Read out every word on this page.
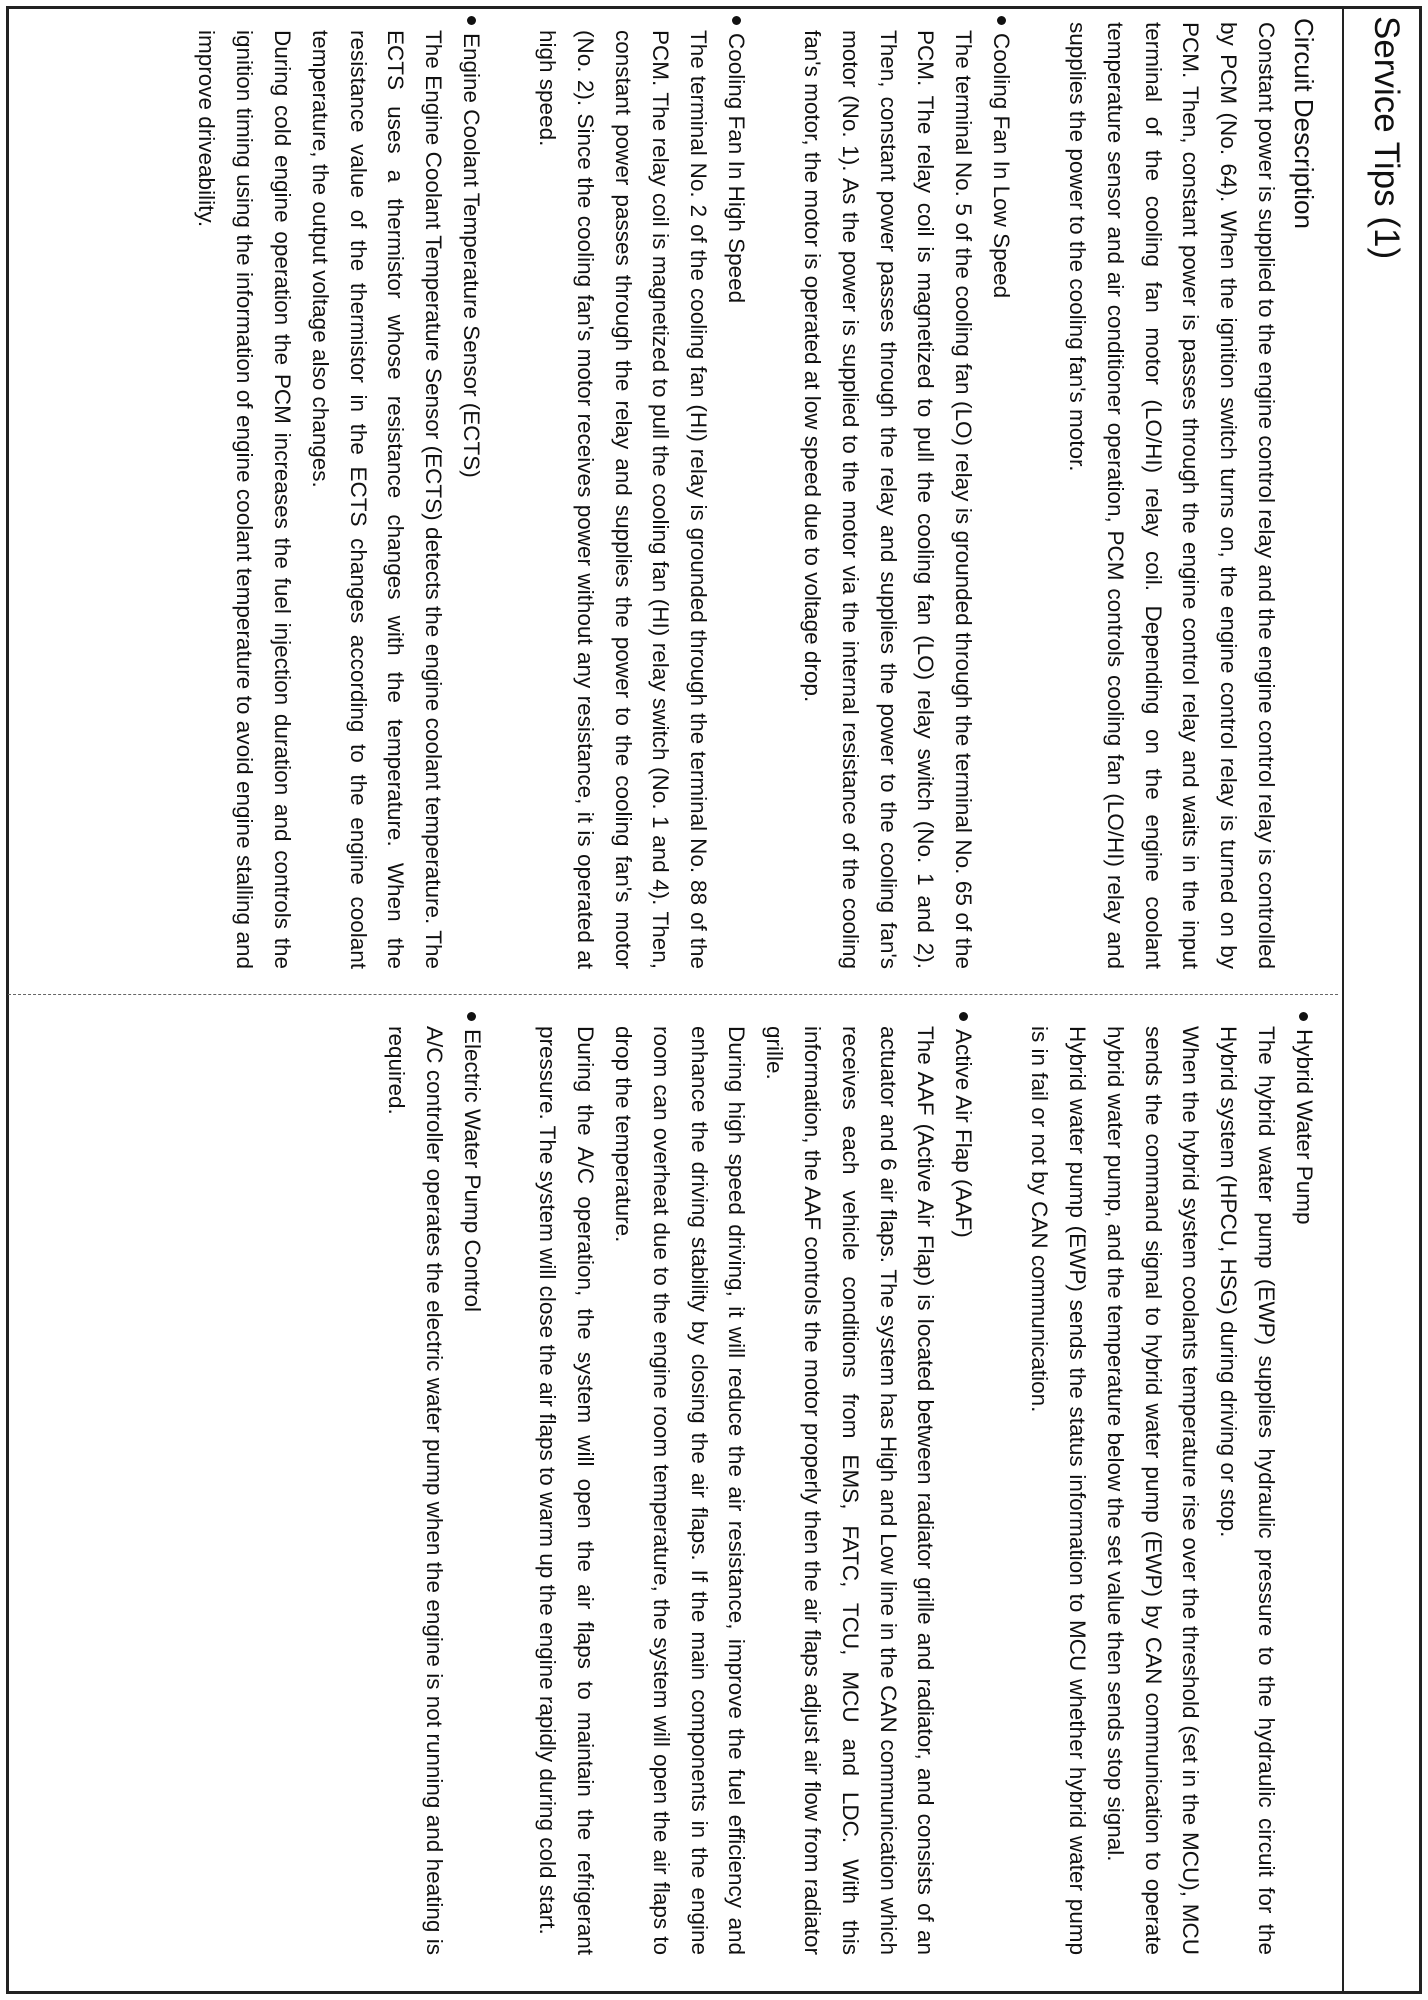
Service Tips (1)
Circuit Description
Constant power is supplied to the engine control relay and the engine control relay is controlled by PCM (No. 64). When the ignition switch turns on, the engine control relay is turned on by PCM. Then, constant power is passes through the engine control relay and waits in the input terminal of the cooling fan motor (LO/HI) relay coil. Depending on the engine coolant temperature sensor and air conditioner operation, PCM controls cooling fan (LO/HI) relay and supplies the power to the cooling fan's motor.
Cooling Fan In Low Speed
The terminal No. 5 of the cooling fan (LO) relay is grounded through the terminal No. 65 of the PCM. The relay coil is magnetized to pull the cooling fan (LO) relay switch (No. 1 and 2). Then, constant power passes through the relay and supplies the power to the cooling fan's motor (No. 1). As the power is supplied to the motor via the internal resistance of the cooling fan's motor, the motor is operated at low speed due to voltage drop.
Cooling Fan In High Speed
The terminal No. 2 of the cooling fan (HI) relay is grounded through the terminal No. 88 of the PCM. The relay coil is magnetized to pull the cooling fan (HI) relay switch (No. 1 and 4). Then, constant power passes through the relay and supplies the power to the cooling fan's motor (No. 2). Since the cooling fan's motor receives power without any resistance, it is operated at high speed.
Engine Coolant Temperature Sensor (ECTS)

The Engine Coolant Temperature Sensor (ECTS) detects the engine coolant temperature. The ECTS uses a thermistor whose resistance changes with the temperature. When the resistance value of the thermistor in the ECTS changes according to the engine coolant temperature, the output voltage also changes.

During cold engine operation the PCM increases the fuel injection duration and controls the ignition timing using the information of engine coolant temperature to avoid engine stalling and improve driveability.

Hybrid Water Pump

The hybrid water pump (EWP) supplies hydraulic pressure to the hydraulic circuit for the Hybrid system (HPCU, HSG) during driving or stop.

When the hybrid system coolants temperature rise over the threshold (set in the MCU), MCU sends the command signal to hybrid water pump (EWP) by CAN communication to operate hybrid water pump, and the temperature below the set value then sends stop signal.

Hybrid water pump (EWP) sends the status information to MCU whether hybrid water pump is in fail or not by CAN communication.

Active Air Flap (AAF)

The AAF (Active Air Flap) is located between radiator grille and radiator, and consists of an actuator and 6 air flaps. The system has High and Low line in the CAN communication which receives each vehicle conditions from EMS, FATC, TCU, MCU and LDC. With this information, the AAF controls the motor properly then the air flaps adjust air flow from radiator grille.

During high speed driving, it will reduce the air resistance, improve the fuel efficiency and enhance the driving stability by closing the air flaps. If the main components in the engine room can overheat due to the engine room temperature, the system will open the air flaps to drop the temperature.

During the A/C operation, the system will open the air flaps to maintain the refrigerant pressure. The system will close the air flaps to warm up the engine rapidly during cold start.

Electric Water Pump Control
A/C controller operates the electric water pump when the engine is not running and heating is required.
